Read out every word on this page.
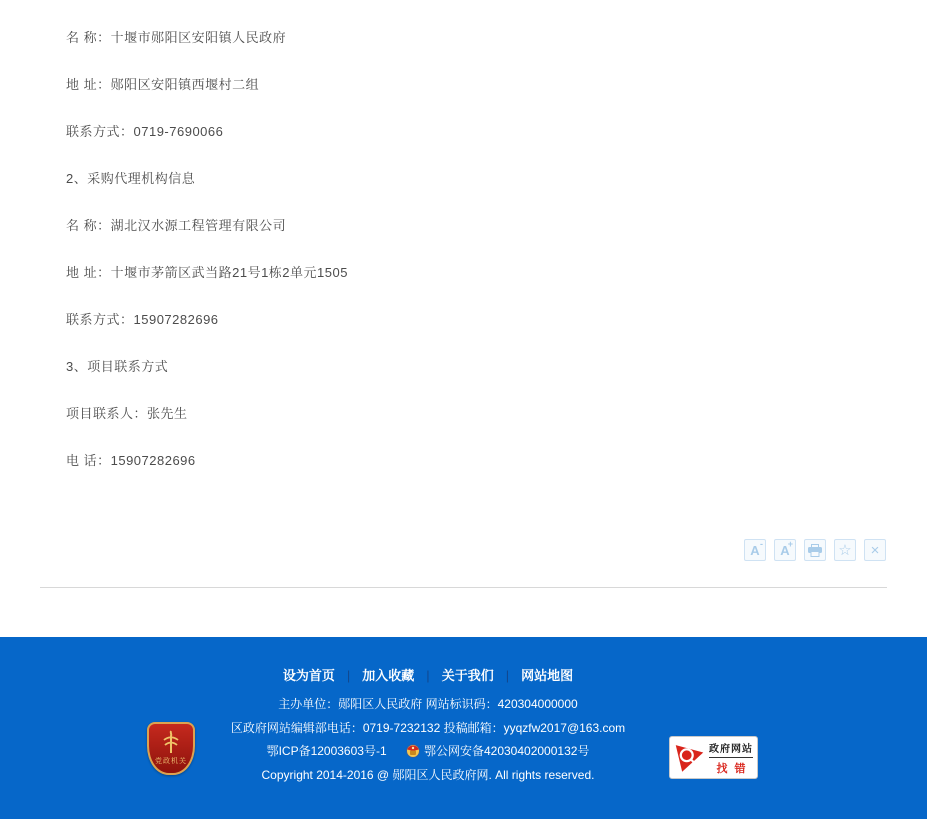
名 称：十堰市郧阳区安阳镇人民政府

地 址：郧阳区安阳镇西堰村二组

联系方式：0719-7690066

2、采购代理机构信息

名 称：湖北汉水源工程管理有限公司

地 址：十堰市茅箭区武当路21号1栋2单元1505

联系方式：15907282696

3、项目联系方式

项目联系人：张先生

电 话：15907282696

A - A
+	☆ ×
设为首页 | 加入收藏 | 关于我们 | 网站地图
主办单位：郧阳区人民政府 网站标识码：420304000000
区政府网站编辑部电话：0719-7232132 投稿邮箱：yyqzfw2017@163.com
鄂ICP备12003603号-1	鄂公网安备42030402000132号
Copyright 2014-2016 @ 郧阳区人民政府网. All rights reserved.
党政机关
政府网站
找错
